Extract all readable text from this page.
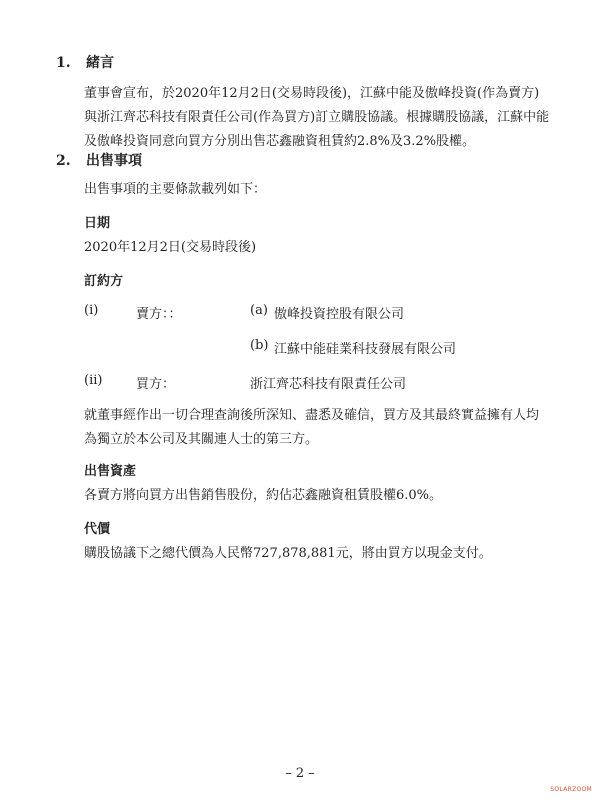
1. 緒言
董事會宣布，於2020年12月2日(交易時段後)，江蘇中能及傲峰投資(作為賣方)與浙江齊芯科技有限責任公司(作為買方)訂立購股協議。根據購股協議，江蘇中能及傲峰投資同意向買方分別出售芯鑫融資租賃約2.8%及3.2%股權。
2. 出售事項
出售事項的主要條款載列如下：
日期
2020年12月2日(交易時段後)
訂約方
(i)	賣方：：	(a) 傲峰投資控股有限公司
(b) 江蘇中能硅業科技發展有限公司
(ii)	買方：	浙江齊芯科技有限責任公司
就董事經作出一切合理查詢後所深知、盡悉及確信，買方及其最終實益擁有人均為獨立於本公司及其關連人士的第三方。
出售資產
各賣方將向買方出售銷售股份，約佔芯鑫融資租賃股權6.0%。
代價
購股協議下之總代價為人民幣727,878,881元，將由買方以現金支付。
– 2 –
SOLARZOOM
